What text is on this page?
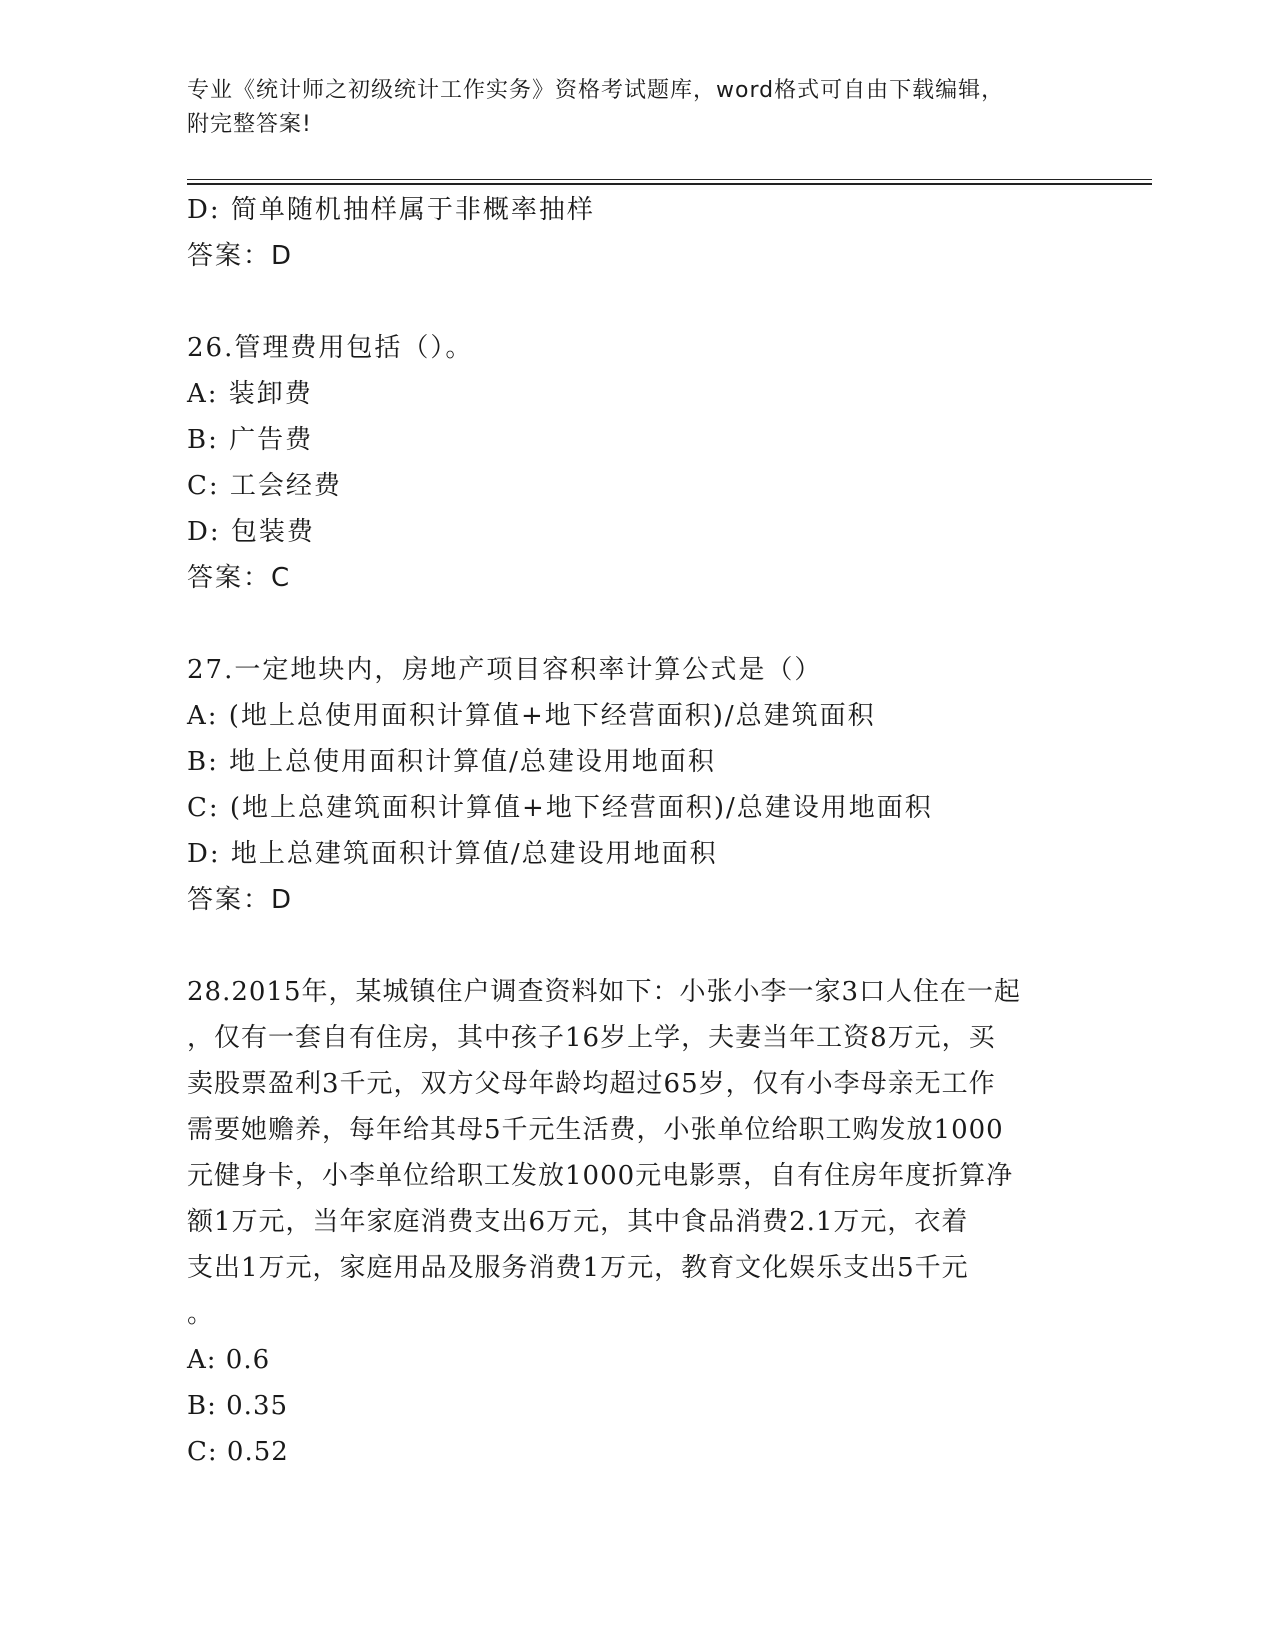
专业《统计师之初级统计工作实务》资格考试题库，word格式可自由下载编辑，
附完整答案!
D: 简单随机抽样属于非概率抽样
答案：D
26.管理费用包括（）。
A: 装卸费
B: 广告费
C: 工会经费
D: 包装费
答案：C
27.一定地块内，房地产项目容积率计算公式是（）
A: (地上总使用面积计算值+地下经营面积)/总建筑面积
B: 地上总使用面积计算值/总建设用地面积
C: (地上总建筑面积计算值+地下经营面积)/总建设用地面积
D: 地上总建筑面积计算值/总建设用地面积
答案：D
28.2015年，某城镇住户调查资料如下：小张小李一家3口人住在一起
，仅有一套自有住房，其中孩子16岁上学，夫妻当年工资8万元，买
卖股票盈利3千元，双方父母年龄均超过65岁，仅有小李母亲无工作
需要她赡养，每年给其母5千元生活费，小张单位给职工购发放1000
元健身卡，小李单位给职工发放1000元电影票，自有住房年度折算净
额1万元，当年家庭消费支出6万元，其中食品消费2.1万元，衣着
支出1万元，家庭用品及服务消费1万元，教育文化娱乐支出5千元
。
A: 0.6
B: 0.35
C: 0.52
